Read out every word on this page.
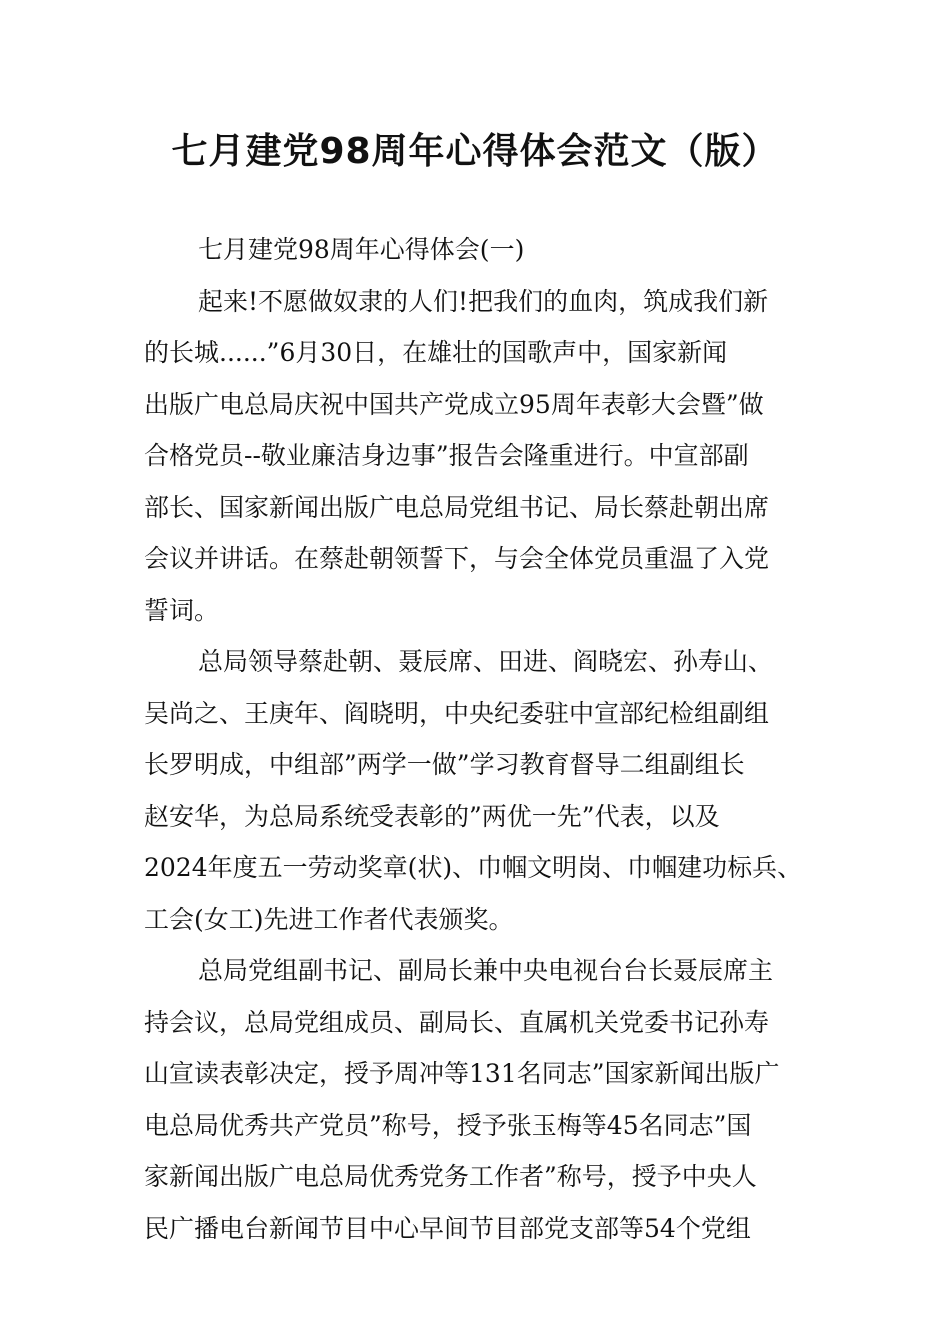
七月建党98周年心得体会范文（版）
七月建党98周年心得体会(一)
起来!不愿做奴隶的人们!把我们的血肉，筑成我们新
的长城......”6月30日，在雄壮的国歌声中，国家新闻
出版广电总局庆祝中国共产党成立95周年表彰大会暨”做
合格党员--敬业廉洁身边事”报告会隆重进行。中宣部副
部长、国家新闻出版广电总局党组书记、局长蔡赴朝出席
会议并讲话。在蔡赴朝领誓下，与会全体党员重温了入党
誓词。
总局领导蔡赴朝、聂辰席、田进、阎晓宏、孙寿山、
吴尚之、王庚年、阎晓明，中央纪委驻中宣部纪检组副组
长罗明成，中组部”两学一做”学习教育督导二组副组长
赵安华，为总局系统受表彰的”两优一先”代表，以及
2024年度五一劳动奖章(状)、巾帼文明岗、巾帼建功标兵、
工会(女工)先进工作者代表颁奖。
总局党组副书记、副局长兼中央电视台台长聂辰席主
持会议，总局党组成员、副局长、直属机关党委书记孙寿
山宣读表彰决定，授予周冲等131名同志”国家新闻出版广
电总局优秀共产党员”称号，授予张玉梅等45名同志”国
家新闻出版广电总局优秀党务工作者”称号，授予中央人
民广播电台新闻节目中心早间节目部党支部等54个党组
